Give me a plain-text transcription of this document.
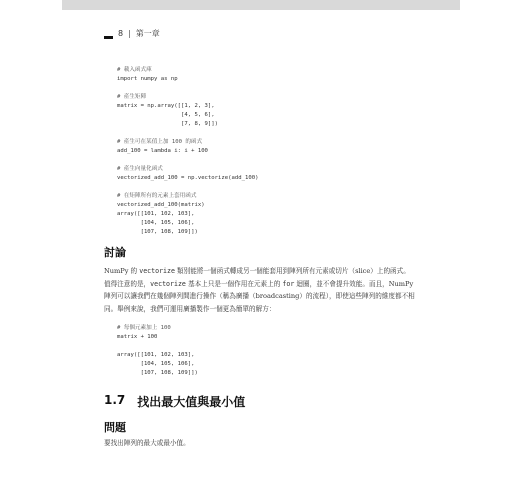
8 | 第一章
# 載入函式庫
import numpy as np

# 產生矩陣
matrix = np.array([[1, 2, 3],
[4, 5, 6],
[7, 8, 9]])

# 產生可在某值上加 100 的函式
add_100 = lambda i: i + 100

# 產生向量化函式
vectorized_add_100 = np.vectorize(add_100)

# 在矩陣所有的元素上套用函式
vectorized_add_100(matrix)
array([[101, 102, 103],
[104, 105, 106],
[107, 108, 109]])
討論

NumPy 的 vectorize 類別能將一個函式轉成另一個能套用到陣列所有元素或切片（slice）上的函式。值得注意的是，vectorize 基本上只是一個作用在元素上的 for 迴圈，並不會提升效能。而且，NumPy 陣列可以讓我們在幾個陣列間進行操作（稱為廣播（broadcasting）的流程），即使這些陣列的維度都不相同。舉例來說，我們可運用廣播製作一個更為簡單的解方：

# 每個元素加上 100
matrix + 100
array([[101, 102, 103],
[104, 105, 106],
[107, 108, 109]])
1.7 找出最大值與最小值
問題

要找出陣列的最大或最小值。
